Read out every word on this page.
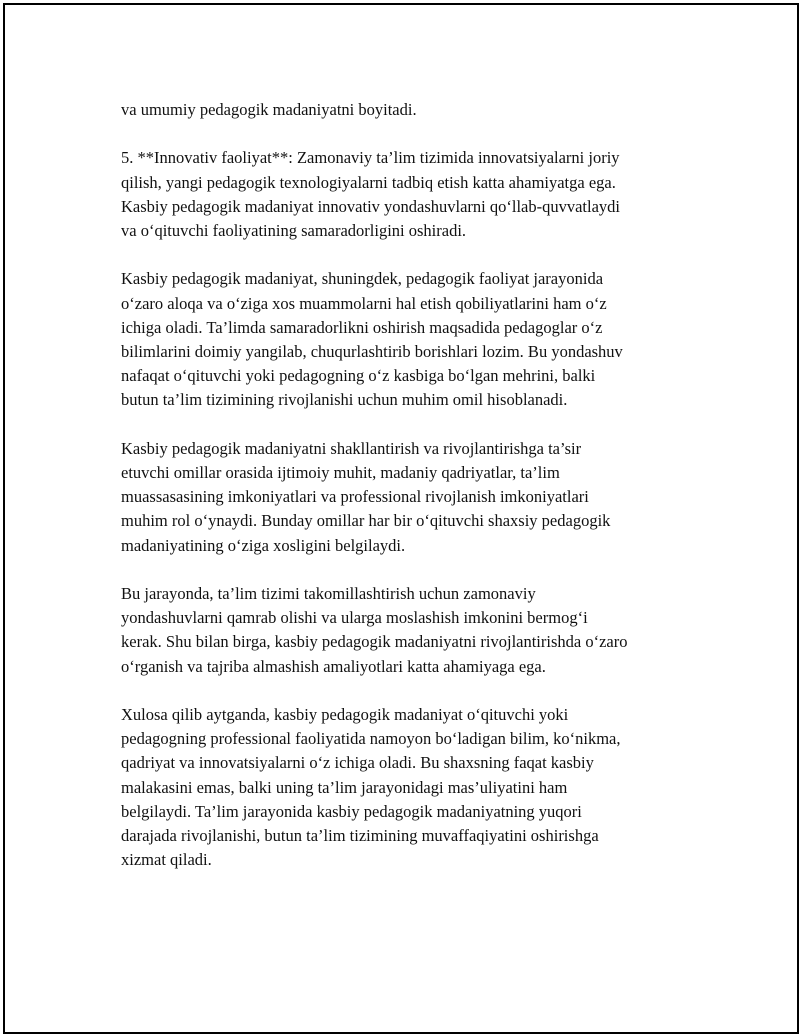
va umumiy pedagogik madaniyatni boyitadi.

5. **Innovativ faoliyat**: Zamonaviy ta’lim tizimida innovatsiyalarni joriy
qilish, yangi pedagogik texnologiyalarni tadbiq etish katta ahamiyatga ega.
Kasbiy pedagogik madaniyat innovativ yondashuvlarni qo‘llab-quvvatlaydi
va o‘qituvchi faoliyatining samaradorligini oshiradi.

Kasbiy pedagogik madaniyat, shuningdek, pedagogik faoliyat jarayonida
o‘zaro aloqa va o‘ziga xos muammolarni hal etish qobiliyatlarini ham o‘z
ichiga oladi. Ta’limda samaradorlikni oshirish maqsadida pedagoglar o‘z
bilimlarini doimiy yangilab, chuqurlashtirib borishlari lozim. Bu yondashuv
nafaqat o‘qituvchi yoki pedagogning o‘z kasbiga bo‘lgan mehrini, balki
butun ta’lim tizimining rivojlanishi uchun muhim omil hisoblanadi.

Kasbiy pedagogik madaniyatni shakllantirish va rivojlantirishga ta’sir
etuvchi omillar orasida ijtimoiy muhit, madaniy qadriyatlar, ta’lim
muassasasining imkoniyatlari va professional rivojlanish imkoniyatlari
muhim rol o‘ynaydi. Bunday omillar har bir o‘qituvchi shaxsiy pedagogik
madaniyatining o‘ziga xosligini belgilaydi.

Bu jarayonda, ta’lim tizimi takomillashtirish uchun zamonaviy
yondashuvlarni qamrab olishi va ularga moslashish imkonini bermog‘i
kerak. Shu bilan birga, kasbiy pedagogik madaniyatni rivojlantirishda o‘zaro
o‘rganish va tajriba almashish amaliyotlari katta ahamiyaga ega.

Xulosa qilib aytganda, kasbiy pedagogik madaniyat o‘qituvchi yoki
pedagogning professional faoliyatida namoyon bo‘ladigan bilim, ko‘nikma,
qadriyat va innovatsiyalarni o‘z ichiga oladi. Bu shaxsning faqat kasbiy
malakasini emas, balki uning ta’lim jarayonidagi mas’uliyatini ham
belgilaydi. Ta’lim jarayonida kasbiy pedagogik madaniyatning yuqori
darajada rivojlanishi, butun ta’lim tizimining muvaffaqiyatini oshirishga
xizmat qiladi.
